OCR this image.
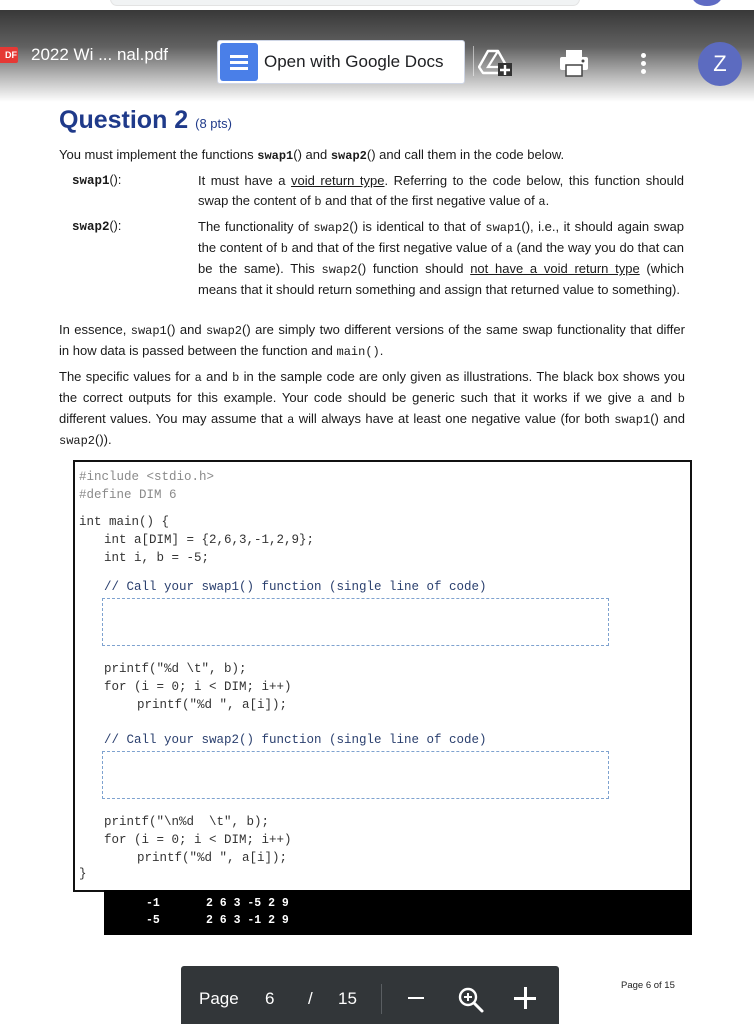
Question 2 (8 pts)
You must implement the functions swap1() and swap2() and call them in the code below.
swap1():	It must have a void return type. Referring to the code below, this function should swap the content of b and that of the first negative value of a.
swap2():	The functionality of swap2() is identical to that of swap1(), i.e., it should again swap the content of b and that of the first negative value of a (and the way you do that can be the same). This swap2() function should not have a void return type (which means that it should return something and assign that returned value to something).
In essence, swap1() and swap2() are simply two different versions of the same swap functionality that differ in how data is passed between the function and main().
The specific values for a and b in the sample code are only given as illustrations. The black box shows you the correct outputs for this example. Your code should be generic such that it works if we give a and b different values. You may assume that a will always have at least one negative value (for both swap1() and swap2()).
#include <stdio.h>
#define DIM 6
int main() {
int a[DIM] = {2,6,3,-1,2,9};
int i, b = -5;
// Call your swap1() function (single line of code)
printf("%d \t", b);
for (i = 0; i < DIM; i++)
printf("%d ", a[i]);
// Call your swap2() function (single line of code)
printf("\n%d  \t", b);
for (i = 0; i < DIM; i++)
printf("%d ", a[i]);
}
-1	2 6 3 -5 2 9
-5	2 6 3 -1 2 9
Page 6 of 15
DF 2022 Wi ... nal.pdf	Open with Google Docs	Z
Page 6 / 15
